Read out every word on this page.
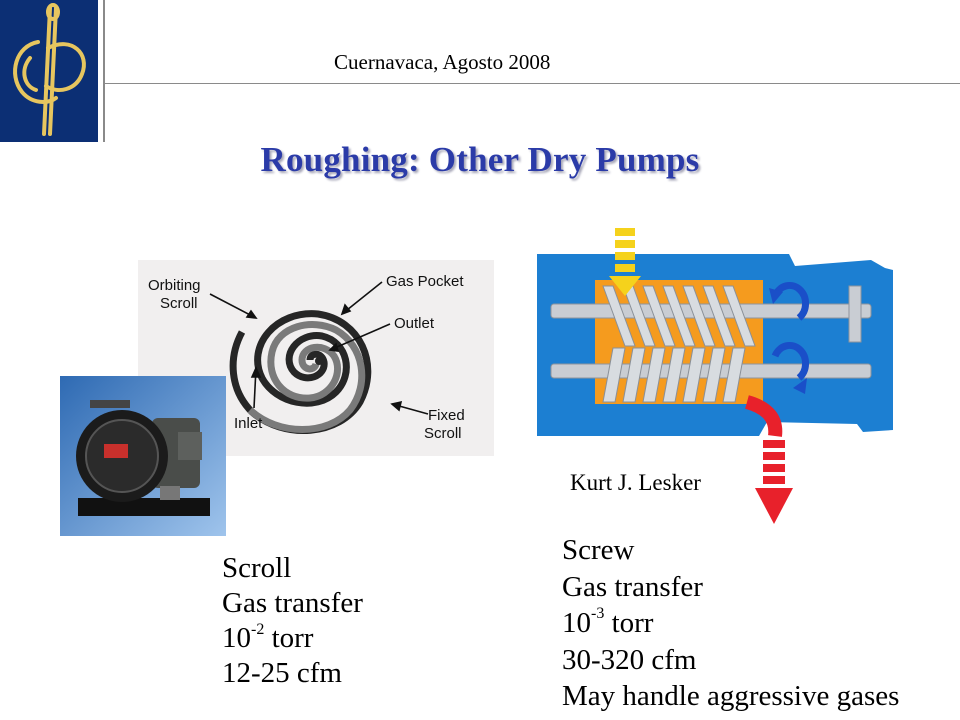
Cuernavaca, Agosto 2008
Roughing: Other Dry Pumps
Orbiting
Scroll
Gas Pocket
Outlet
Inlet	Fixed
Scroll
Kurt J. Lesker
Scroll
Gas transfer
$10^{-2}$ torr
12-25 cfm
Screw
Gas transfer
$10^{-3}$ torr
30-320 cfm
May handle aggressive gases
